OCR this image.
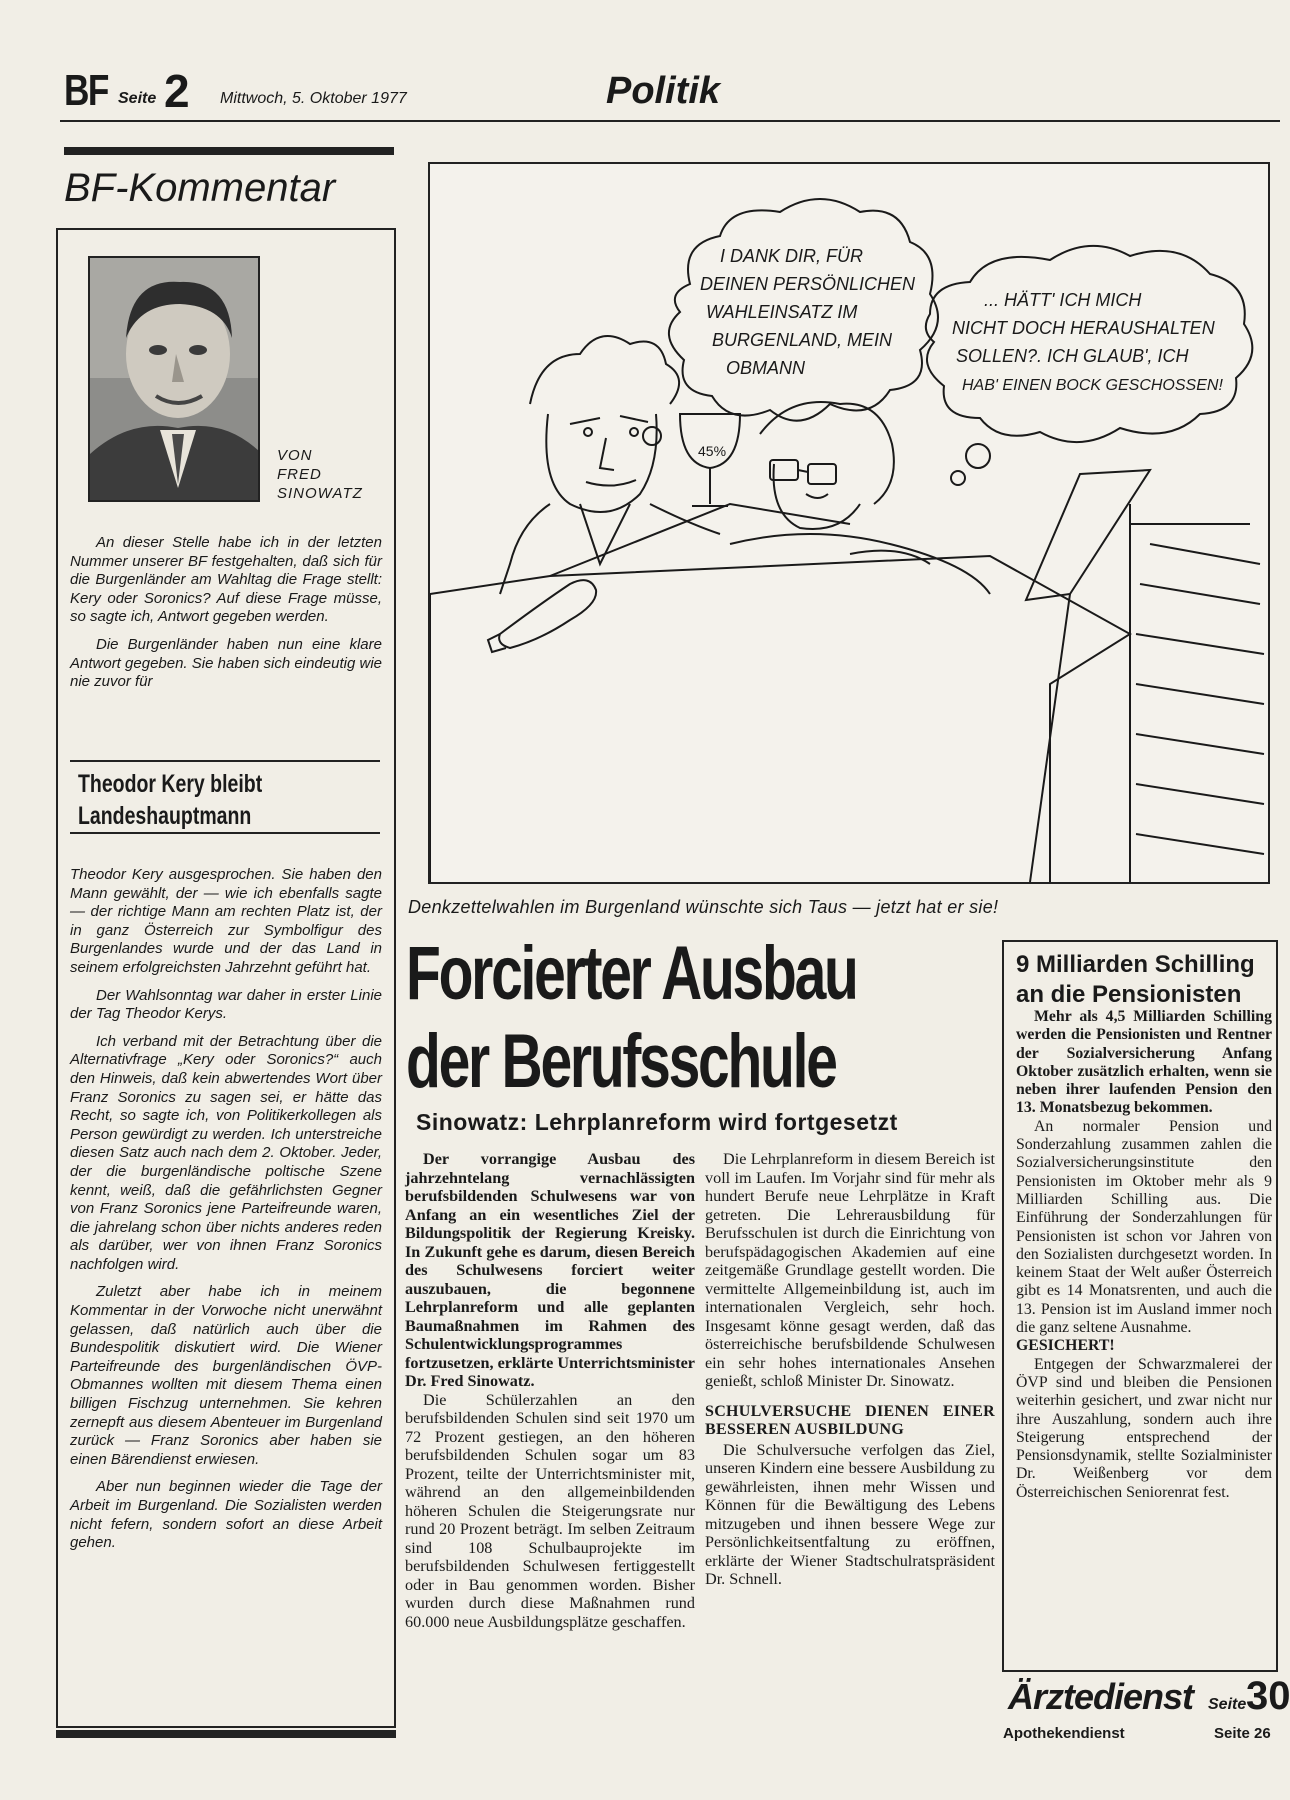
BF Seite 2 Mittwoch, 5. Oktober 1977	Politik
BF-Kommentar
VON
FRED
SINOWATZ

An dieser Stelle habe ich in der letzten Nummer unserer BF festgehalten, daß sich für die Burgenländer am Wahltag die Frage stellt: Kery oder Soronics? Auf diese Frage müsse, so sagte ich, Antwort gegeben werden.

Die Burgenländer haben nun eine klare Antwort gegeben. Sie haben sich eindeutig wie nie zuvor für

Theodor Kery bleibt Landeshauptmann

Theodor Kery ausgesprochen. Sie haben den Mann gewählt, der — wie ich ebenfalls sagte — der richtige Mann am rechten Platz ist, der in ganz Österreich zur Symbolfigur des Burgenlandes wurde und der das Land in seinem erfolgreichsten Jahrzehnt geführt hat.

Der Wahlsonntag war daher in erster Linie der Tag Theodor Kerys.

Ich verband mit der Betrachtung über die Alternativfrage „Kery oder Soronics?“ auch den Hinweis, daß kein abwertendes Wort über Franz Soronics zu sagen sei, er hätte das Recht, so sagte ich, von Politikerkollegen als Person gewürdigt zu werden. Ich unterstreiche diesen Satz auch nach dem 2. Oktober. Jeder, der die burgenländische poltische Szene kennt, weiß, daß die gefährlichsten Gegner von Franz Soronics jene Parteifreunde waren, die jahrelang schon über nichts anderes reden als darüber, wer von ihnen Franz Soronics nachfolgen wird.

Zuletzt aber habe ich in meinem Kommentar in der Vorwoche nicht unerwähnt gelassen, daß natürlich auch über die Bundespolitik diskutiert wird. Die Wiener Parteifreunde des burgenländischen ÖVP-Obmannes wollten mit diesem Thema einen billigen Fischzug unternehmen. Sie kehren zernepft aus diesem Abenteuer im Burgenland zurück — Franz Soronics aber haben sie einen Bärendienst erwiesen.

Aber nun beginnen wieder die Tage der Arbeit im Burgenland. Die Sozialisten werden nicht fefern, sondern sofort an diese Arbeit gehen.

45%
I DANK DIR, FÜR
DEINEN PERSÖNLICHEN
WAHLEINSATZ IM
BURGENLAND, MEIN
OBMANN
... HÄTT' ICH MICH
NICHT DOCH HERAUSHALTEN
SOLLEN?. ICH GLAUB', ICH
HAB' EINEN BOCK GESCHOSSEN!
Denkzettelwahlen im Burgenland wünschte sich Taus — jetzt hat er sie!
Forcierter Ausbau
der Berufsschule
Sinowatz: Lehrplanreform wird fortgesetzt

Der vorrangige Ausbau des jahrzehntelang vernachlässigten berufsbildenden Schulwesens war von Anfang an ein wesentliches Ziel der Bildungspolitik der Regierung Kreisky. In Zukunft gehe es darum, diesen Bereich des Schulwesens forciert weiter auszubauen, die begonnene Lehrplanreform und alle geplanten Baumaßnahmen im Rahmen des Schulentwicklungsprogrammes fortzusetzen, erklärte Unterrichtsminister Dr. Fred Sinowatz.

Die Schülerzahlen an den berufsbildenden Schulen sind seit 1970 um 72 Prozent gestiegen, an den höheren berufsbildenden Schulen sogar um 83 Prozent, teilte der Unterrichtsminister mit, während an den allgemeinbildenden höheren Schulen die Steigerungsrate nur rund 20 Prozent beträgt. Im selben Zeitraum sind 108 Schulbauprojekte im berufsbildenden Schulwesen fertiggestellt oder in Bau genommen worden. Bisher wurden durch diese Maßnahmen rund 60.000 neue Ausbildungsplätze geschaffen.

Die Lehrplanreform in diesem Bereich ist voll im Laufen. Im Vorjahr sind für mehr als hundert Berufe neue Lehrplätze in Kraft getreten. Die Lehrerausbildung für Berufsschulen ist durch die Einrichtung von berufspädagogischen Akademien auf eine zeitgemäße Grundlage gestellt worden. Die vermittelte Allgemeinbildung ist, auch im internationalen Vergleich, sehr hoch. Insgesamt könne gesagt werden, daß das österreichische berufsbildende Schulwesen ein sehr hohes internationales Ansehen genießt, schloß Minister Dr. Sinowatz.

SCHULVERSUCHE DIENEN EINER BESSEREN AUSBILDUNG

Die Schulversuche verfolgen das Ziel, unseren Kindern eine bessere Ausbildung zu gewährleisten, ihnen mehr Wissen und Können für die Bewältigung des Lebens mitzugeben und ihnen bessere Wege zur Persönlichkeitsentfaltung zu eröffnen, erklärte der Wiener Stadtschulratspräsident Dr. Schnell.

9 Milliarden Schilling an die Pensionisten

Mehr als 4,5 Milliarden Schilling werden die Pensionisten und Rentner der Sozialversicherung Anfang Oktober zusätzlich erhalten, wenn sie neben ihrer laufenden Pension den 13. Monatsbezug bekommen.

An normaler Pension und Sonderzahlung zusammen zahlen die Sozialversicherungsinstitute den Pensionisten im Oktober mehr als 9 Milliarden Schilling aus. Die Einführung der Sonderzahlungen für Pensionisten ist schon vor Jahren von den Sozialisten durchgesetzt worden. In keinem Staat der Welt außer Österreich gibt es 14 Monatsrenten, und auch die 13. Pension ist im Ausland immer noch die ganz seltene Ausnahme.

GESICHERT!

Entgegen der Schwarzmalerei der ÖVP sind und bleiben die Pensionen weiterhin gesichert, und zwar nicht nur ihre Auszahlung, sondern auch ihre Steigerung entsprechend der Pensionsdynamik, stellte Sozialminister Dr. Weißenberg vor dem Österreichischen Seniorenrat fest.

Ärztedienst Seite 30
Apothekendienst	Seite 26
